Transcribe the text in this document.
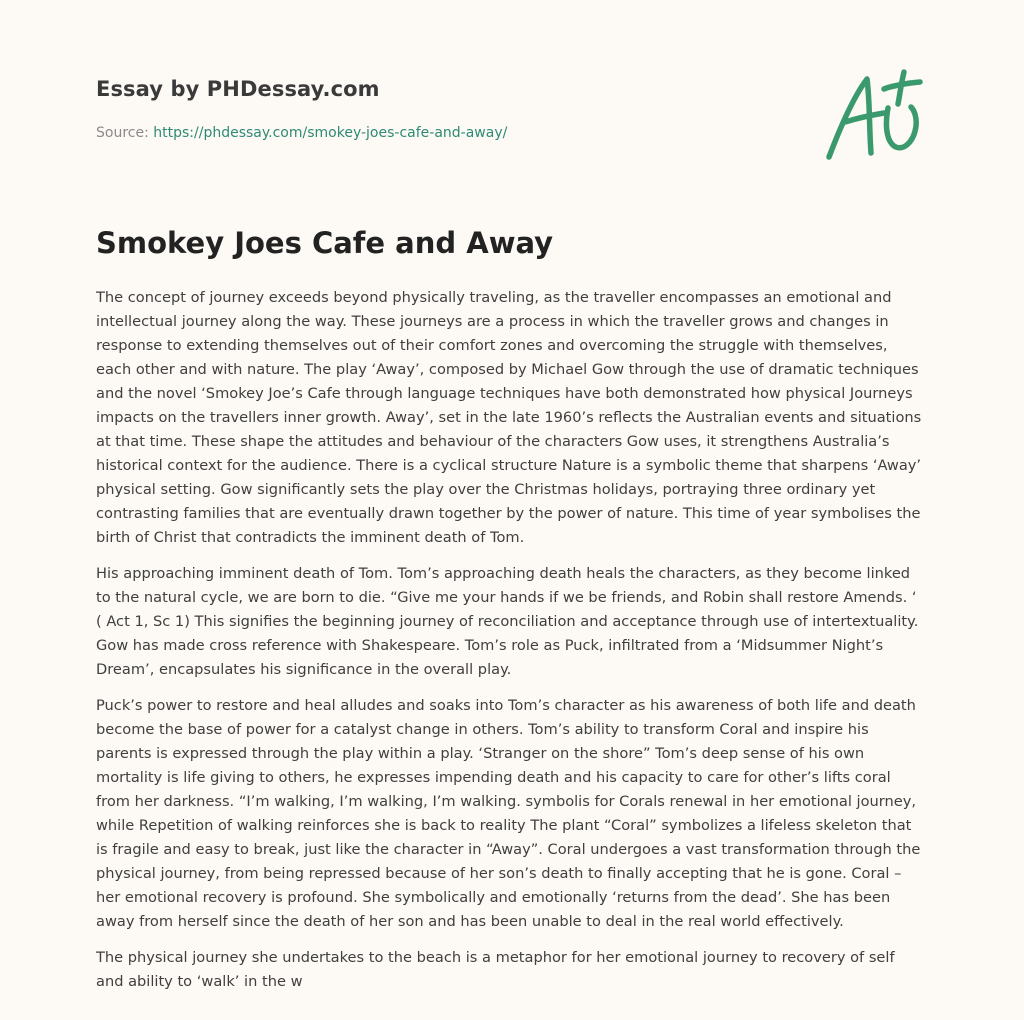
Essay by PHDessay.com
Source: https://phdessay.com/smokey-joes-cafe-and-away/
Smokey Joes Cafe and Away

The concept of journey exceeds beyond physically traveling, as the traveller encompasses an emotional and intellectual journey along the way. These journeys are a process in which the traveller grows and changes in response to extending themselves out of their comfort zones and overcoming the struggle with themselves, each other and with nature. The play ‘Away’, composed by Michael Gow through the use of dramatic techniques and the novel ‘Smokey Joe’s Cafe through language techniques have both demonstrated how physical Journeys impacts on the travellers inner growth. Away’, set in the late 1960’s reflects the Australian events and situations at that time. These shape the attitudes and behaviour of the characters Gow uses, it strengthens Australia’s historical context for the audience. There is a cyclical structure Nature is a symbolic theme that sharpens ‘Away’ physical setting. Gow significantly sets the play over the Christmas holidays, portraying three ordinary yet contrasting families that are eventually drawn together by the power of nature. This time of year symbolises the birth of Christ that contradicts the imminent death of Tom.

His approaching imminent death of Tom. Tom’s approaching death heals the characters, as they become linked to the natural cycle, we are born to die. “Give me your hands if we be friends, and Robin shall restore Amends. ‘ ( Act 1, Sc 1) This signifies the beginning journey of reconciliation and acceptance through use of intertextuality. Gow has made cross reference with Shakespeare. Tom’s role as Puck, infiltrated from a ‘Midsummer Night’s Dream’, encapsulates his significance in the overall play.

Puck’s power to restore and heal alludes and soaks into Tom’s character as his awareness of both life and death become the base of power for a catalyst change in others. Tom’s ability to transform Coral and inspire his parents is expressed through the play within a play. ‘Stranger on the shore” Tom’s deep sense of his own mortality is life giving to others, he expresses impending death and his capacity to care for other’s lifts coral from her darkness. “I’m walking, I’m walking, I’m walking. symbolis for Corals renewal in her emotional journey, while Repetition of walking reinforces she is back to reality The plant “Coral” symbolizes a lifeless skeleton that is fragile and easy to break, just like the character in “Away”. Coral undergoes a vast transformation through the physical journey, from being repressed because of her son’s death to finally accepting that he is gone. Coral – her emotional recovery is profound. She symbolically and emotionally ‘returns from the dead’. She has been away from herself since the death of her son and has been unable to deal in the real world effectively.

The physical journey she undertakes to the beach is a metaphor for her emotional journey to recovery of self and ability to ‘walk’ in the w
